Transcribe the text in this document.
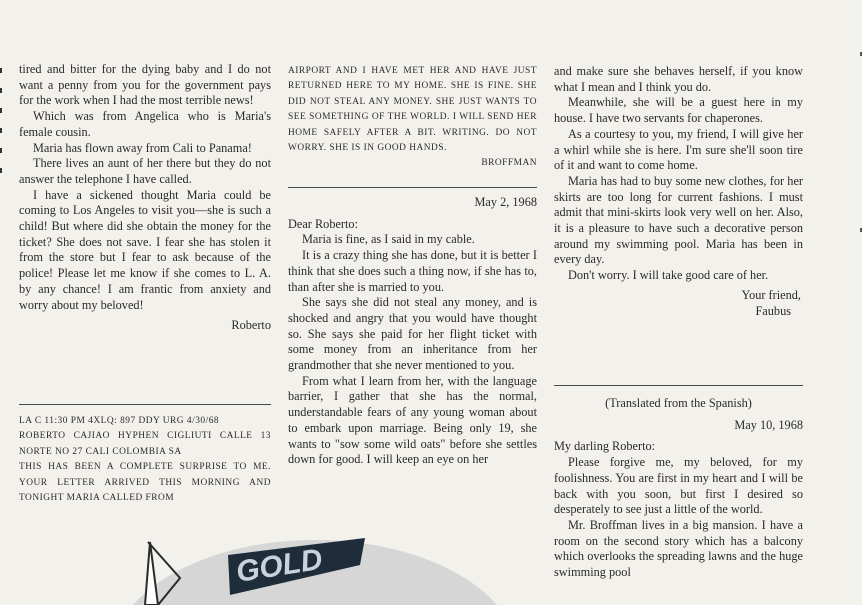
tired and bitter for the dying baby and I do not want a penny from you for the government pays for the work when I had the most terrible news!

Which was from Angelica who is Maria's female cousin.

Maria has flown away from Cali to Panama!

There lives an aunt of her there but they do not answer the telephone I have called.

I have a sickened thought Maria could be coming to Los Angeles to visit you—she is such a child! But where did she obtain the money for the ticket? She does not save. I fear she has stolen it from the store but I fear to ask because of the police! Please let me know if she comes to L. A. by any chance! I am frantic from anxiety and worry about my beloved!

Roberto

LA C 11:30 PM 4XLQ: 897 DDY URG 4/30/68

ROBERTO CAJIAO HYPHEN CIGLIUTI CALLE 13 NORTE NO 27 CALI COLOMBIA SA

THIS HAS BEEN A COMPLETE SURPRISE TO ME. YOUR LETTER ARRIVED THIS MORNING AND TONIGHT MARIA CALLED FROM

AIRPORT AND I HAVE MET HER AND HAVE JUST RETURNED HERE TO MY HOME. SHE IS FINE. SHE DID NOT STEAL ANY MONEY. SHE JUST WANTS TO SEE SOMETHING OF THE WORLD. I WILL SEND HER HOME SAFELY AFTER A BIT. WRITING. DO NOT WORRY. SHE IS IN GOOD HANDS.

BROFFMAN

May 2, 1968

Dear Roberto:

Maria is fine, as I said in my cable.

It is a crazy thing she has done, but it is better I think that she does such a thing now, if she has to, than after she is married to you.

She says she did not steal any money, and is shocked and angry that you would have thought so. She says she paid for her flight ticket with some money from an inheritance from her grandmother that she never mentioned to you.

From what I learn from her, with the language barrier, I gather that she has the normal, understandable fears of any young woman about to embark upon marriage. Being only 19, she wants to "sow some wild oats" before she settles down for good. I will keep an eye on her

and make sure she behaves herself, if you know what I mean and I think you do.

Meanwhile, she will be a guest here in my house. I have two servants for chaperones.

As a courtesy to you, my friend, I will give her a whirl while she is here. I'm sure she'll soon tire of it and want to come home.

Maria has had to buy some new clothes, for her skirts are too long for current fashions. I must admit that mini-skirts look very well on her. Also, it is a pleasure to have such a decorative person around my swimming pool. Maria has been in every day.

Don't worry. I will take good care of her.

Your friend,

Faubus

(Translated from the Spanish)

May 10, 1968

My darling Roberto:

Please forgive me, my beloved, for my foolishness. You are first in my heart and I will be back with you soon, but first I desired so desperately to see just a little of the world.

Mr. Broffman lives in a big mansion. I have a room on the second story which has a balcony which overlooks the spreading lawns and the huge swimming pool

GOLD
